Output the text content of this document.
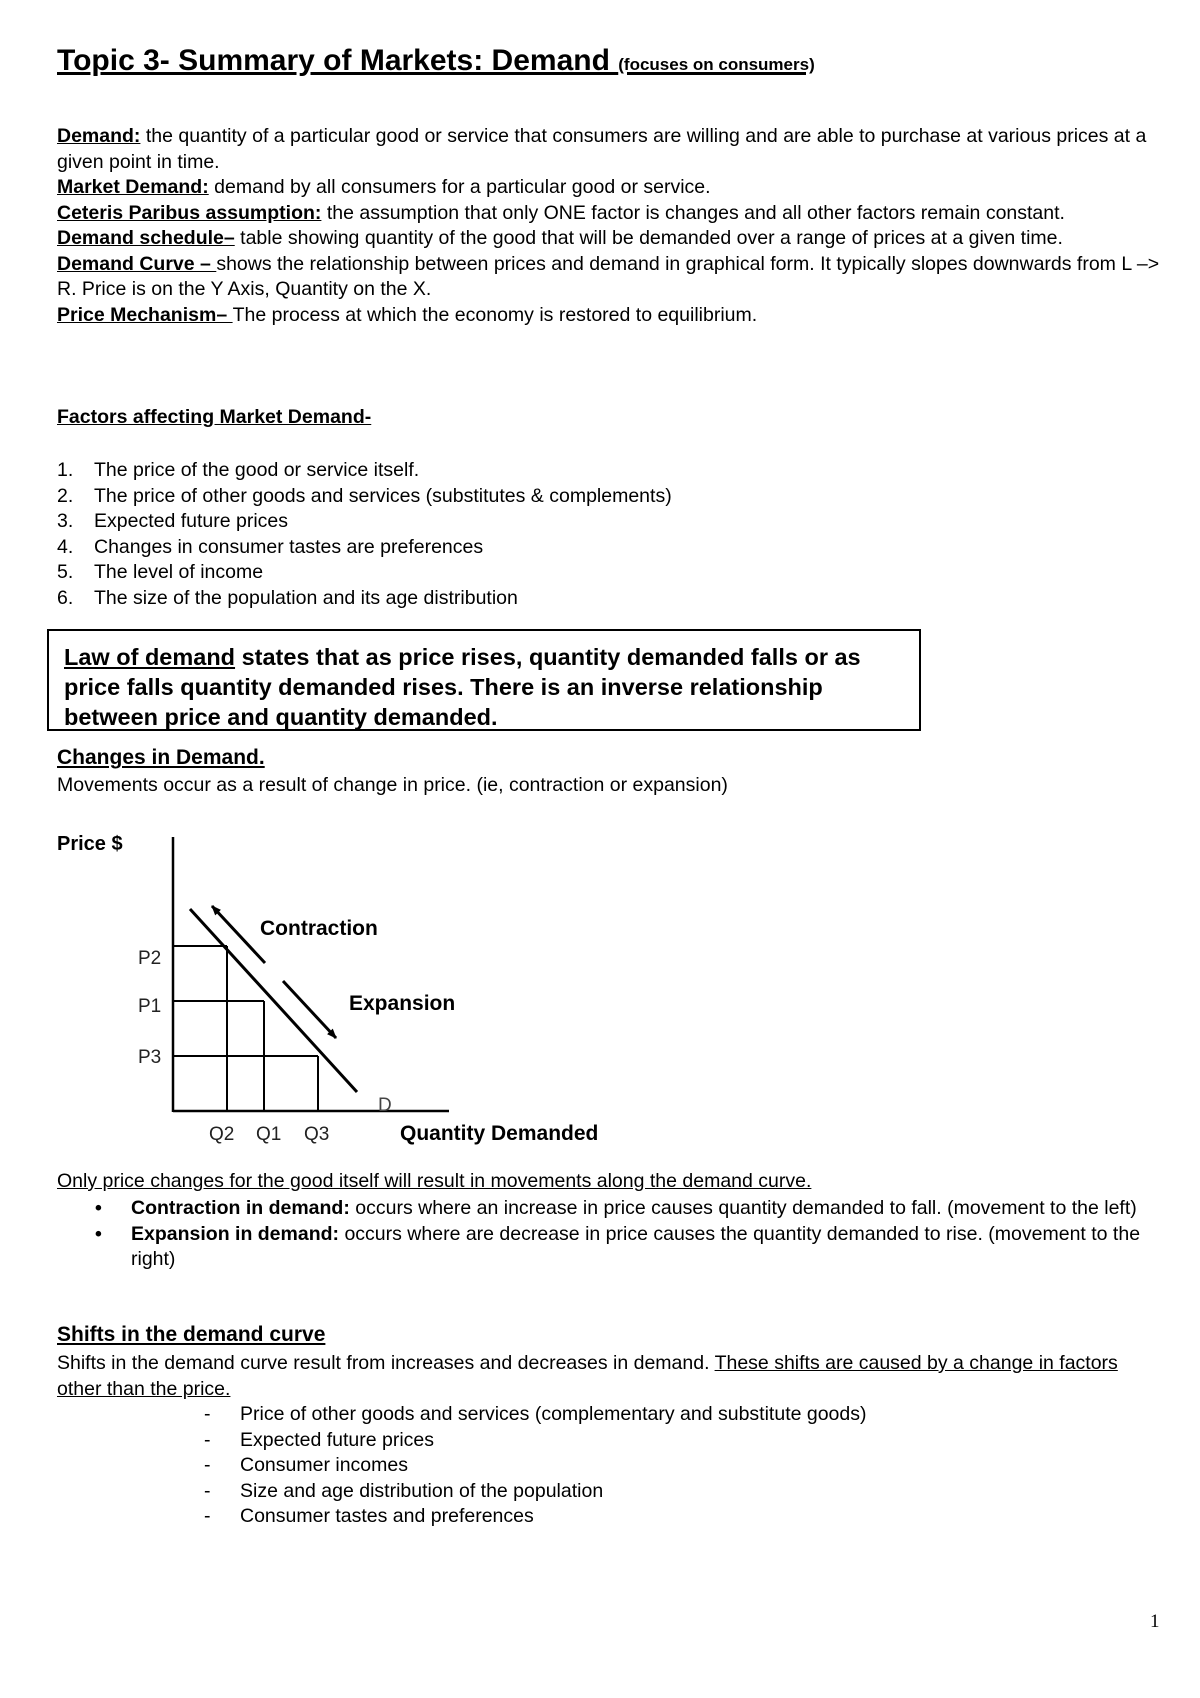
Topic 3- Summary of Markets: Demand (focuses on consumers)

Demand: the quantity of a particular good or service that consumers are willing and are able to purchase at various prices at a given point in time.

Market Demand: demand by all consumers for a particular good or service.

Ceteris Paribus assumption: the assumption that only ONE factor is changes and all other factors remain constant.

Demand schedule– table showing quantity of the good that will be demanded over a range of prices at a given time.

Demand Curve – shows the relationship between prices and demand in graphical form. It typically slopes downwards from L –> R. Price is on the Y Axis, Quantity on the X.

Price Mechanism– The process at which the economy is restored to equilibrium.

Factors affecting Market Demand-
1. The price of the good or service itself.
2. The price of other goods and services (substitutes & complements)
3. Expected future prices
4. Changes in consumer tastes are preferences
5. The level of income
6. The size of the population and its age distribution
Law of demand states that as price rises, quantity demanded falls or as price falls quantity demanded rises. There is an inverse relationship between price and quantity demanded.
Changes in Demand.
Movements occur as a result of change in price. (ie, contraction or expansion)
Price $
D
P2
P1
P3
Q2 Q1 Q3
Contraction
Expansion
Quantity Demanded
Only price changes for the good itself will result in movements along the demand curve.
• Contraction in demand: occurs where an increase in price causes quantity demanded to fall. (movement to the left)
• Expansion in demand: occurs where are decrease in price causes the quantity demanded to rise. (movement to the right)
Shifts in the demand curve
Shifts in the demand curve result from increases and decreases in demand. These shifts are caused by a change in factors other than the price.
- Price of other goods and services (complementary and substitute goods)
- Expected future prices
- Consumer incomes
- Size and age distribution of the population
- Consumer tastes and preferences
1
